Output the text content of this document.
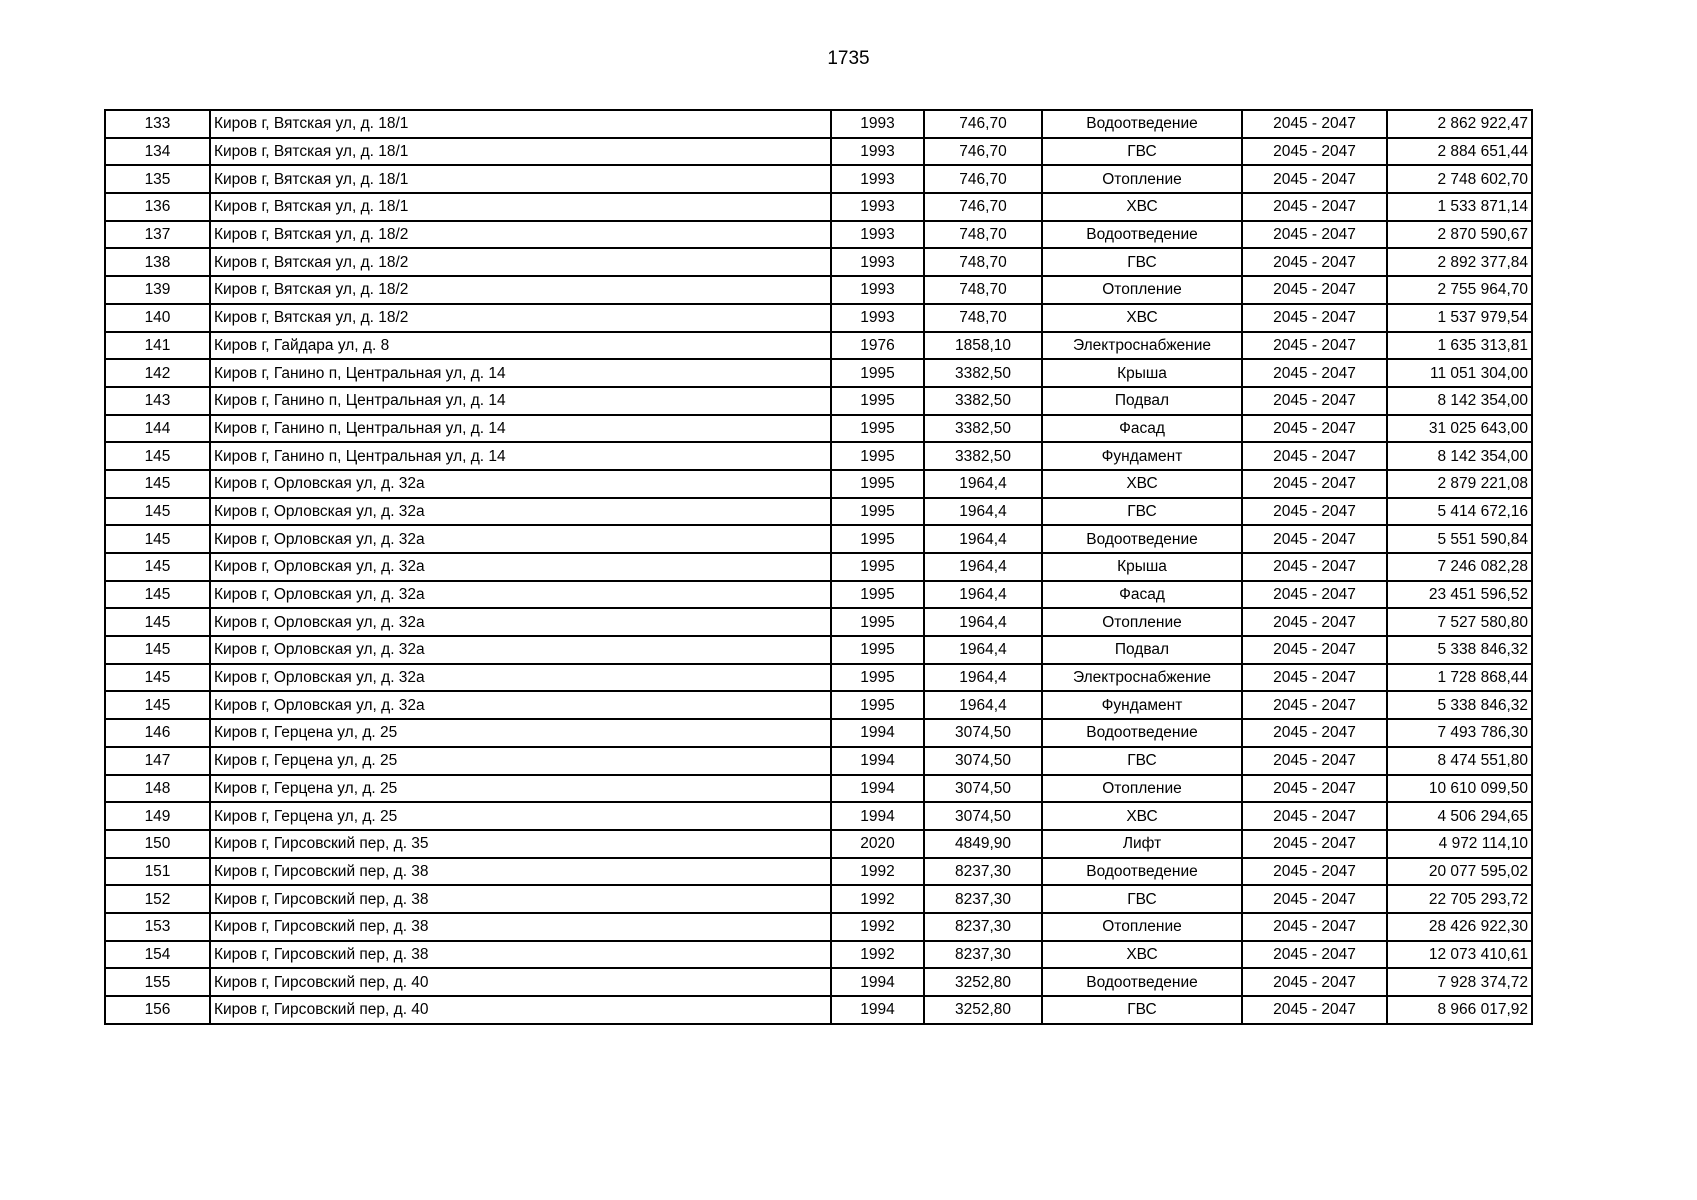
1735
133	Киров г, Вятская ул, д. 18/1	1993	746,70	Водоотведение	2045 - 2047	2 862 922,47
134	Киров г, Вятская ул, д. 18/1	1993	746,70	ГВС	2045 - 2047	2 884 651,44
135	Киров г, Вятская ул, д. 18/1	1993	746,70	Отопление	2045 - 2047	2 748 602,70
136	Киров г, Вятская ул, д. 18/1	1993	746,70	ХВС	2045 - 2047	1 533 871,14
137	Киров г, Вятская ул, д. 18/2	1993	748,70	Водоотведение	2045 - 2047	2 870 590,67
138	Киров г, Вятская ул, д. 18/2	1993	748,70	ГВС	2045 - 2047	2 892 377,84
139	Киров г, Вятская ул, д. 18/2	1993	748,70	Отопление	2045 - 2047	2 755 964,70
140	Киров г, Вятская ул, д. 18/2	1993	748,70	ХВС	2045 - 2047	1 537 979,54
141	Киров г, Гайдара ул, д. 8	1976	1858,10	Электроснабжение	2045 - 2047	1 635 313,81
142	Киров г, Ганино п, Центральная ул, д. 14	1995	3382,50	Крыша	2045 - 2047	11 051 304,00
143	Киров г, Ганино п, Центральная ул, д. 14	1995	3382,50	Подвал	2045 - 2047	8 142 354,00
144	Киров г, Ганино п, Центральная ул, д. 14	1995	3382,50	Фасад	2045 - 2047	31 025 643,00
145	Киров г, Ганино п, Центральная ул, д. 14	1995	3382,50	Фундамент	2045 - 2047	8 142 354,00
145	Киров г, Орловская ул, д. 32а	1995	1964,4	ХВС	2045 - 2047	2 879 221,08
145	Киров г, Орловская ул, д. 32а	1995	1964,4	ГВС	2045 - 2047	5 414 672,16
145	Киров г, Орловская ул, д. 32а	1995	1964,4	Водоотведение	2045 - 2047	5 551 590,84
145	Киров г, Орловская ул, д. 32а	1995	1964,4	Крыша	2045 - 2047	7 246 082,28
145	Киров г, Орловская ул, д. 32а	1995	1964,4	Фасад	2045 - 2047	23 451 596,52
145	Киров г, Орловская ул, д. 32а	1995	1964,4	Отопление	2045 - 2047	7 527 580,80
145	Киров г, Орловская ул, д. 32а	1995	1964,4	Подвал	2045 - 2047	5 338 846,32
145	Киров г, Орловская ул, д. 32а	1995	1964,4	Электроснабжение	2045 - 2047	1 728 868,44
145	Киров г, Орловская ул, д. 32а	1995	1964,4	Фундамент	2045 - 2047	5 338 846,32
146	Киров г, Герцена ул, д. 25	1994	3074,50	Водоотведение	2045 - 2047	7 493 786,30
147	Киров г, Герцена ул, д. 25	1994	3074,50	ГВС	2045 - 2047	8 474 551,80
148	Киров г, Герцена ул, д. 25	1994	3074,50	Отопление	2045 - 2047	10 610 099,50
149	Киров г, Герцена ул, д. 25	1994	3074,50	ХВС	2045 - 2047	4 506 294,65
150	Киров г, Гирсовский пер, д. 35	2020	4849,90	Лифт	2045 - 2047	4 972 114,10
151	Киров г, Гирсовский пер, д. 38	1992	8237,30	Водоотведение	2045 - 2047	20 077 595,02
152	Киров г, Гирсовский пер, д. 38	1992	8237,30	ГВС	2045 - 2047	22 705 293,72
153	Киров г, Гирсовский пер, д. 38	1992	8237,30	Отопление	2045 - 2047	28 426 922,30
154	Киров г, Гирсовский пер, д. 38	1992	8237,30	ХВС	2045 - 2047	12 073 410,61
155	Киров г, Гирсовский пер, д. 40	1994	3252,80	Водоотведение	2045 - 2047	7 928 374,72
156	Киров г, Гирсовский пер, д. 40	1994	3252,80	ГВС	2045 - 2047	8 966 017,92
